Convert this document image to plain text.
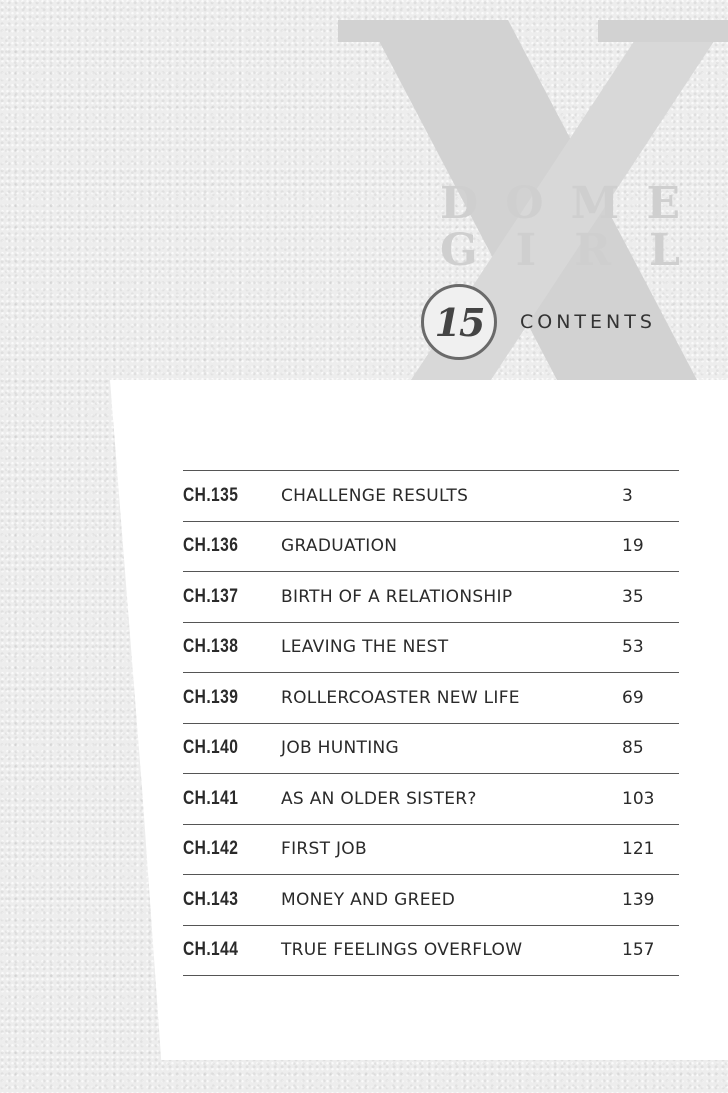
D O M E
G I R L
15 CONTENTS
CH.135	CHALLENGE RESULTS	3
CH.136	GRADUATION	19
CH.137	BIRTH OF A RELATIONSHIP	35
CH.138	LEAVING THE NEST	53
CH.139	ROLLERCOASTER NEW LIFE	69
CH.140	JOB HUNTING	85
CH.141	AS AN OLDER SISTER?	103
CH.142	FIRST JOB	121
CH.143	MONEY AND GREED	139
CH.144	TRUE FEELINGS OVERFLOW	157
